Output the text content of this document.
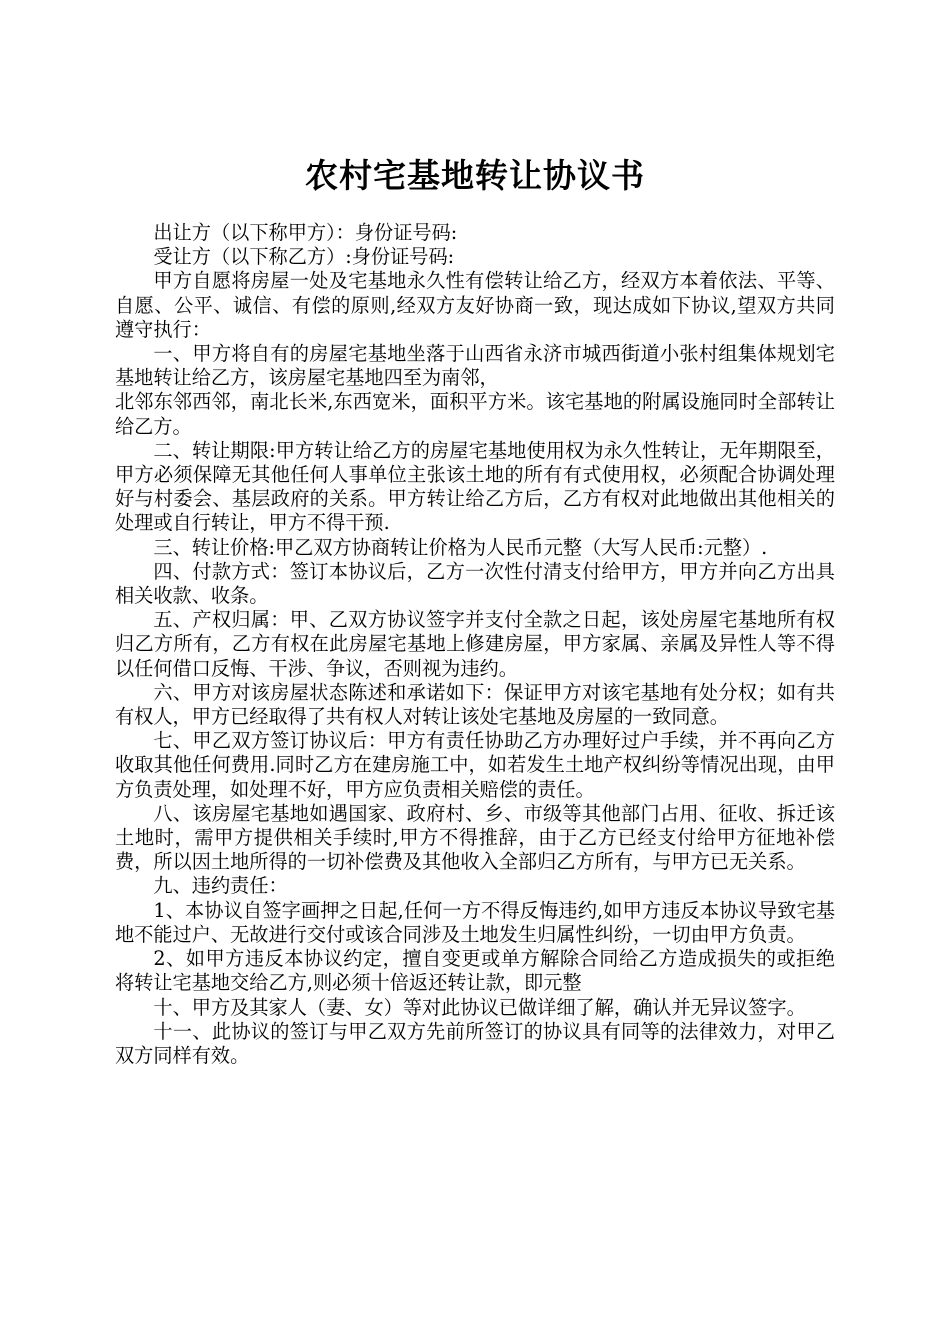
农村宅基地转让协议书

出让方（以下称甲方）：身份证号码:

受让方（以下称乙方）:身份证号码:

甲方自愿将房屋一处及宅基地永久性有偿转让给乙方，经双方本着依法、平等、自愿、公平、诚信、有偿的原则,经双方友好协商一致，现达成如下协议,望双方共同遵守执行：

一、甲方将自有的房屋宅基地坐落于山西省永济市城西街道小张村组集体规划宅基地转让给乙方，该房屋宅基地四至为南邻，

北邻东邻西邻，南北长米,东西宽米，面积平方米。该宅基地的附属设施同时全部转让给乙方。

二、转让期限:甲方转让给乙方的房屋宅基地使用权为永久性转让，无年期限至，甲方必须保障无其他任何人事单位主张该土地的所有有式使用权，必须配合协调处理好与村委会、基层政府的关系。甲方转让给乙方后，乙方有权对此地做出其他相关的处理或自行转让，甲方不得干预.

三、转让价格:甲乙双方协商转让价格为人民币元整（大写人民币:元整）.

四、付款方式：签订本协议后，乙方一次性付清支付给甲方，甲方并向乙方出具相关收款、收条。

五、产权归属：甲、乙双方协议签字并支付全款之日起，该处房屋宅基地所有权归乙方所有，乙方有权在此房屋宅基地上修建房屋，甲方家属、亲属及异性人等不得以任何借口反悔、干涉、争议，否则视为违约。

六、甲方对该房屋状态陈述和承诺如下：保证甲方对该宅基地有处分权；如有共有权人，甲方已经取得了共有权人对转让该处宅基地及房屋的一致同意。

七、甲乙双方签订协议后：甲方有责任协助乙方办理好过户手续，并不再向乙方收取其他任何费用.同时乙方在建房施工中，如若发生土地产权纠纷等情况出现，由甲方负责处理，如处理不好，甲方应负责相关赔偿的责任。

八、该房屋宅基地如遇国家、政府村、乡、市级等其他部门占用、征收、拆迁该土地时，需甲方提供相关手续时,甲方不得推辞，由于乙方已经支付给甲方征地补偿费，所以因土地所得的一切补偿费及其他收入全部归乙方所有，与甲方已无关系。

九、违约责任：

1、本协议自签字画押之日起,任何一方不得反悔违约,如甲方违反本协议导致宅基地不能过户、无故进行交付或该合同涉及土地发生归属性纠纷，一切由甲方负责。

2、如甲方违反本协议约定，擅自变更或单方解除合同给乙方造成损失的或拒绝将转让宅基地交给乙方,则必须十倍返还转让款，即元整

十、甲方及其家人（妻、女）等对此协议已做详细了解，确认并无异议签字。

十一、此协议的签订与甲乙双方先前所签订的协议具有同等的法律效力，对甲乙双方同样有效。
